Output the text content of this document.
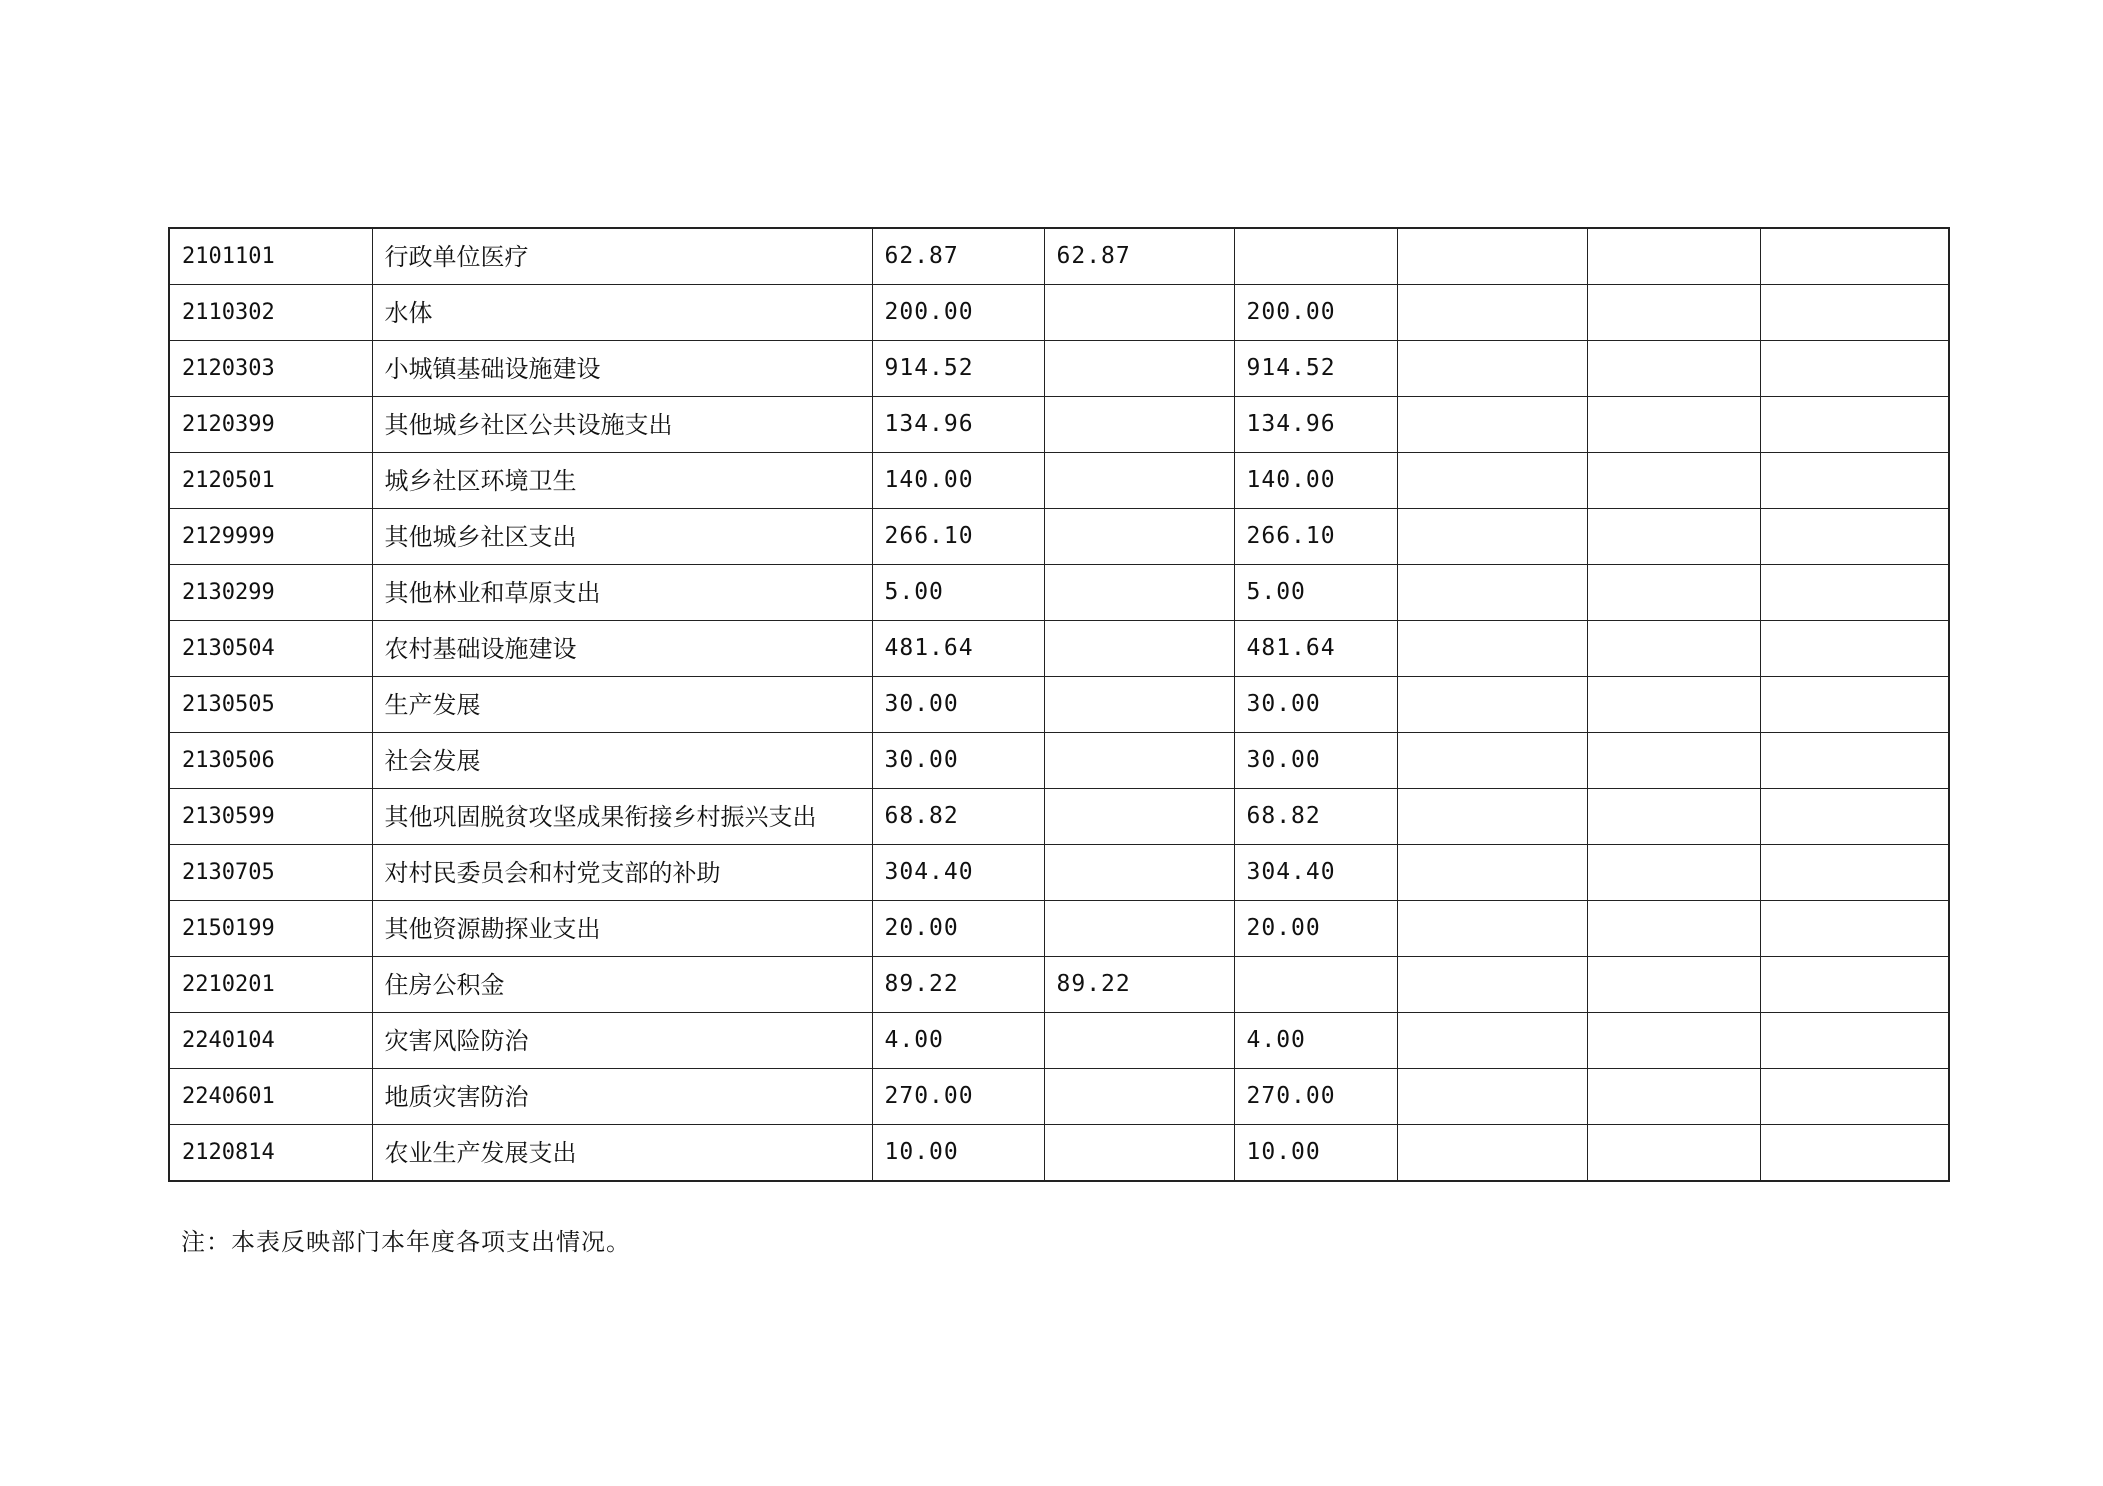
2101101	行政单位医疗	62.87	62.87				
2110302	水体	200.00		200.00			
2120303	小城镇基础设施建设	914.52		914.52			
2120399	其他城乡社区公共设施支出	134.96		134.96			
2120501	城乡社区环境卫生	140.00		140.00			
2129999	其他城乡社区支出	266.10		266.10			
2130299	其他林业和草原支出	5.00		5.00			
2130504	农村基础设施建设	481.64		481.64			
2130505	生产发展	30.00		30.00			
2130506	社会发展	30.00		30.00			
2130599	其他巩固脱贫攻坚成果衔接乡村振兴支出	68.82		68.82			
2130705	对村民委员会和村党支部的补助	304.40		304.40			
2150199	其他资源勘探业支出	20.00		20.00			
2210201	住房公积金	89.22	89.22				
2240104	灾害风险防治	4.00		4.00			
2240601	地质灾害防治	270.00		270.00			
2120814	农业生产发展支出	10.00		10.00			
注：本表反映部门本年度各项支出情况。
